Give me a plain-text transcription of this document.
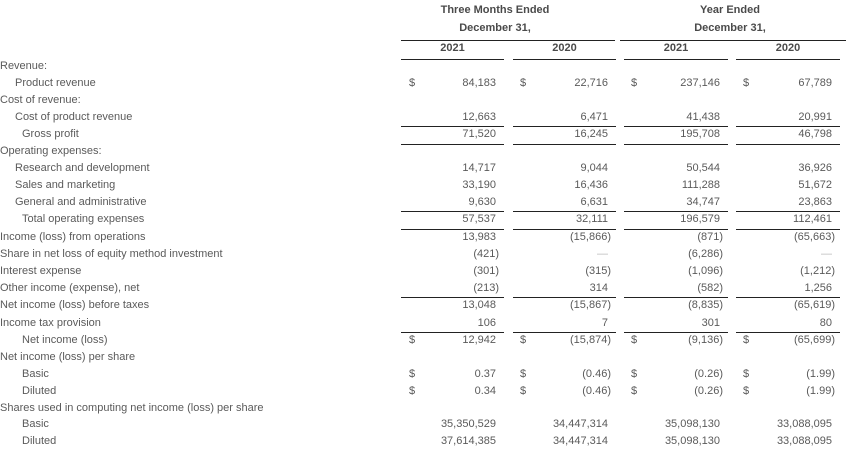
Three Months Ended
December 31,
Year Ended
December 31,
2021	2020	2021	2020
Revenue:
Product revenue	$	84,183 $	22,716 $	237,146 $	67,789
Cost of revenue:
Cost of product revenue	12,663	6,471	41,438	20,991
Gross profit	71,520	16,245	195,708	46,798
Operating expenses:
Research and development	14,717	9,044	50,544	36,926
Sales and marketing	33,190	16,436	111,288	51,672
General and administrative	9,630	6,631	34,747	23,863
Total operating expenses	57,537	32,111	196,579	112,461
Income (loss) from operations	13,983	(15,866)	(871)	(65,663)
Share in net loss of equity method investment	(421)	—	(6,286)	—
Interest expense	(301)	(315)	(1,096)	(1,212)
Other income (expense), net	(213)	314	(582)	1,256
Net income (loss) before taxes	13,048	(15,867)	(8,835)	(65,619)
Income tax provision	106	7	301	80
Net income (loss)	$	12,942 $	(15,874) $	(9,136) $	(65,699)
Net income (loss) per share
Basic	$	0.37 $	(0.46) $	(0.26) $	(1.99)
Diluted	$	0.34 $	(0.46) $	(0.26) $	(1.99)
Shares used in computing net income (loss) per share
Basic	35,350,529	34,447,314	35,098,130	33,088,095
Diluted	37,614,385	34,447,314	35,098,130	33,088,095
